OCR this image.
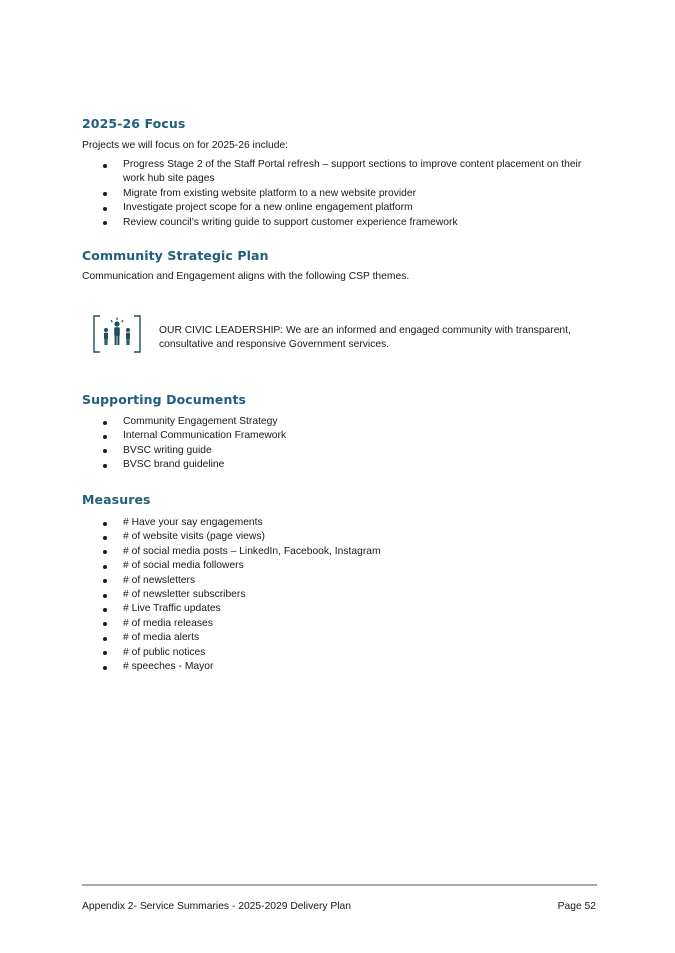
2025-26 Focus

Projects we will focus on for 2025-26 include:

Progress Stage 2 of the Staff Portal refresh – support sections to improve content placement on their work hub site pages
Migrate from existing website platform to a new website provider
Investigate project scope for a new online engagement platform
Review council’s writing guide to support customer experience framework
Community Strategic Plan

Communication and Engagement aligns with the following CSP themes.

OUR CIVIC LEADERSHIP: We are an informed and engaged community with transparent, consultative and responsive Government services.

Supporting Documents
Community Engagement Strategy
Internal Communication Framework
BVSC writing guide
BVSC brand guideline
Measures
# Have your say engagements
# of website visits (page views)
# of social media posts – LinkedIn, Facebook, Instagram
# of social media followers
# of newsletters
# of newsletter subscribers
# Live Traffic updates
# of media releases
# of media alerts
# of public notices
# speeches - Mayor
Appendix 2- Service Summaries - 2025-2029 Delivery Plan	Page 52
